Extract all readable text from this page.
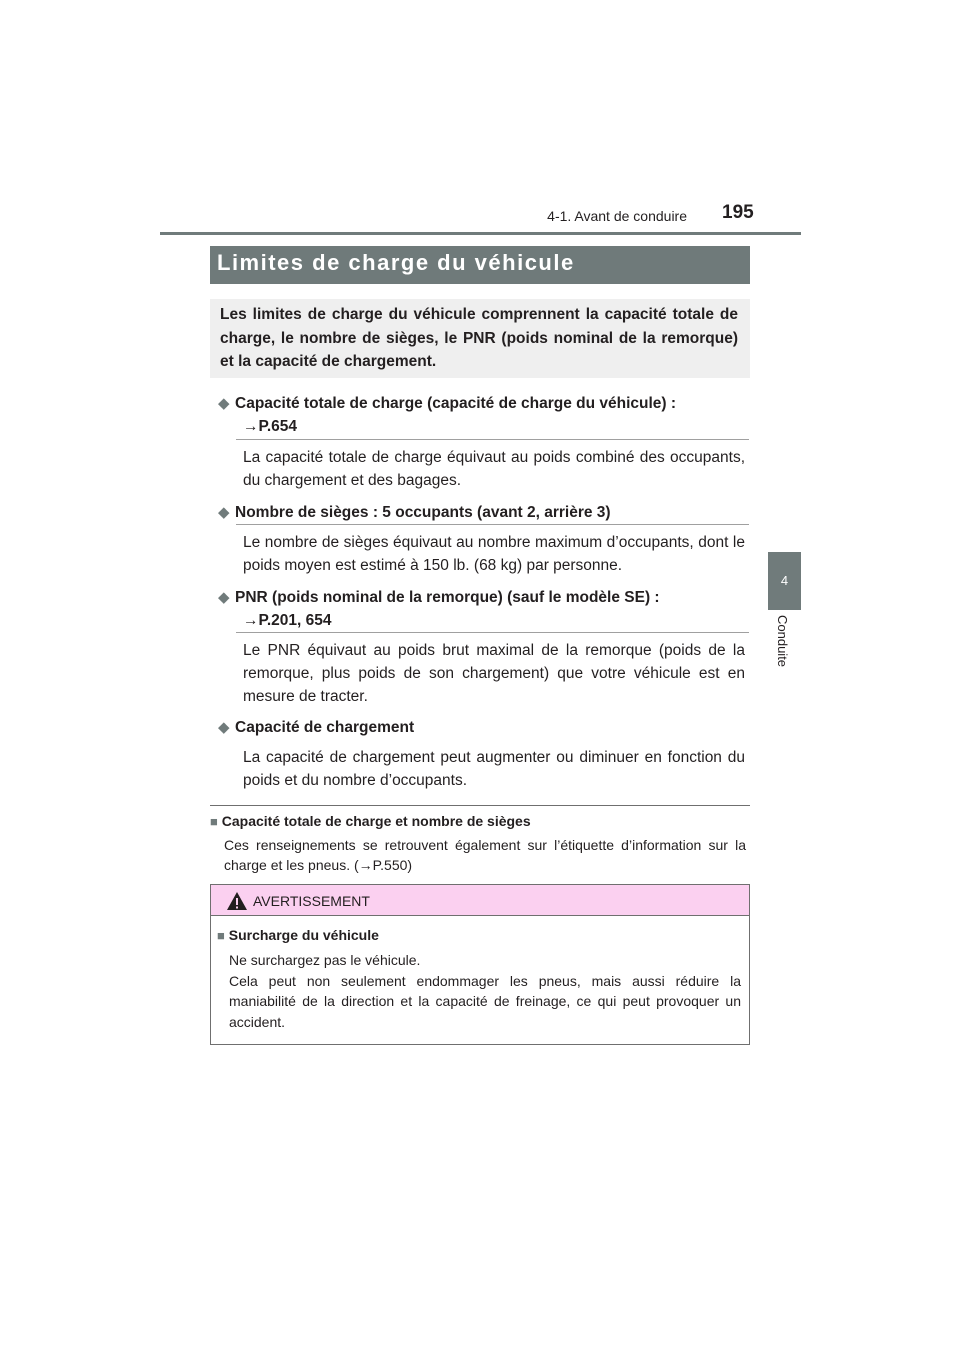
4-1. Avant de conduire 195
4
Conduite
Limites de charge du véhicule

Les limites de charge du véhicule comprennent la capacité totale de charge, le nombre de sièges, le PNR (poids nominal de la remorque) et la capacité de chargement.

◆ Capacité totale de charge (capacité de charge du véhicule) :
→P.654

La capacité totale de charge équivaut au poids combiné des occupants, du chargement et des bagages.

◆ Nombre de sièges : 5 occupants (avant 2, arrière 3)

Le nombre de sièges équivaut au nombre maximum d’occupants, dont le poids moyen est estimé à 150 lb. (68 kg) par personne.

◆ PNR (poids nominal de la remorque) (sauf le modèle SE) :
→P.201, 654

Le PNR équivaut au poids brut maximal de la remorque (poids de la remorque, plus poids de son chargement) que votre véhicule est en mesure de tracter.

◆ Capacité de chargement

La capacité de chargement peut augmenter ou diminuer en fonction du poids et du nombre d’occupants.

■ Capacité totale de charge et nombre de sièges

Ces renseignements se retrouvent également sur l’étiquette d’information sur la charge et les pneus. (→P.550)

AVERTISSEMENT
■ Surcharge du véhicule

Ne surchargez pas le véhicule.
Cela peut non seulement endommager les pneus, mais aussi réduire la maniabilité de la direction et la capacité de freinage, ce qui peut provoquer un accident.
